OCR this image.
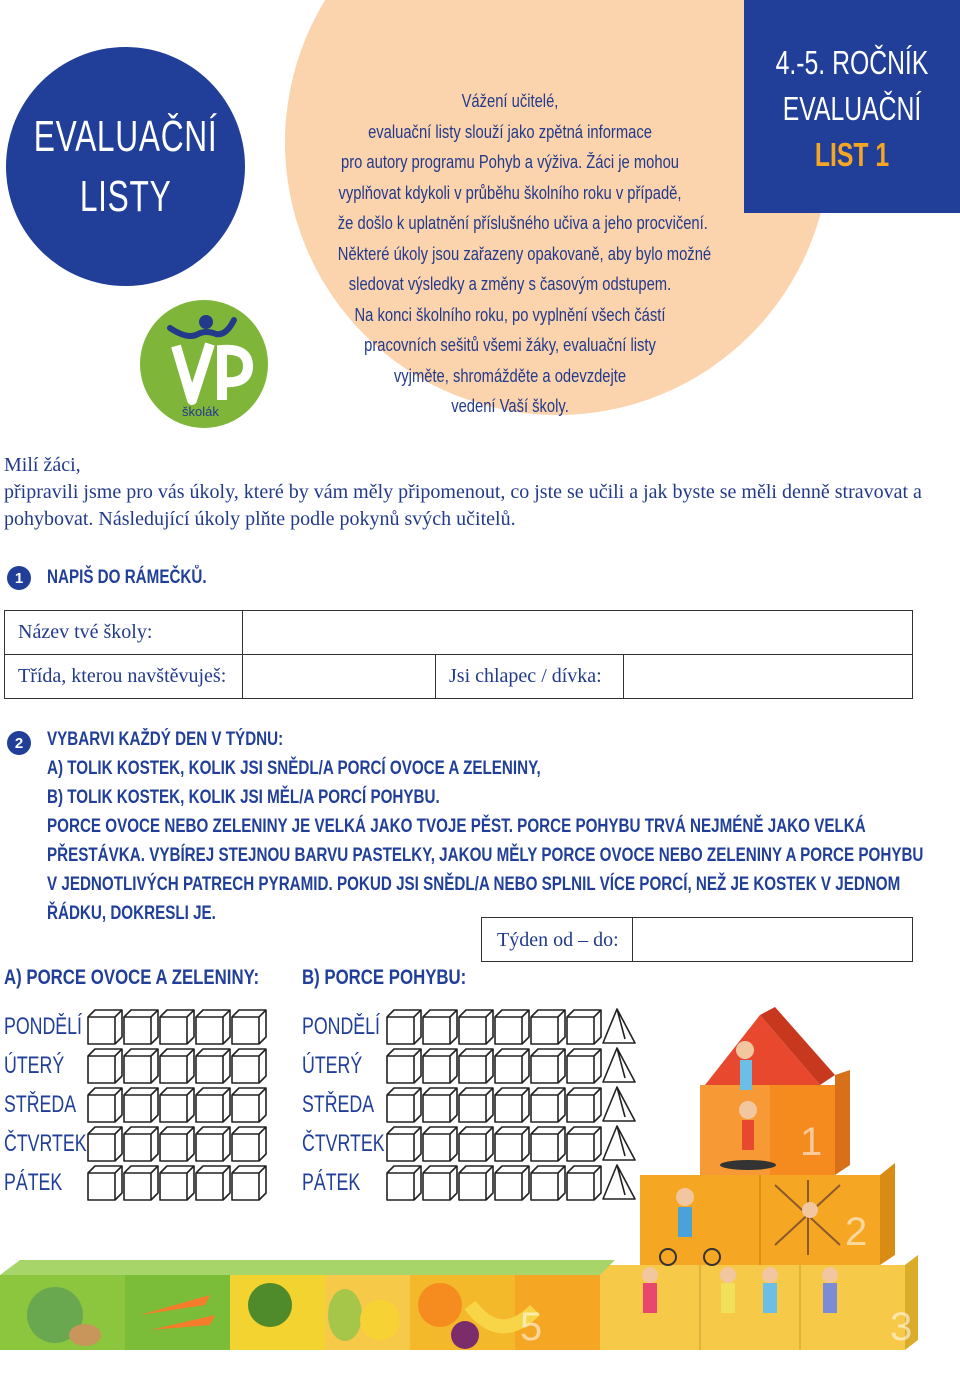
EVALUAČNÍ
LISTY
Vážení učitelé,
evaluační listy slouží jako zpětná informace
pro autory programu Pohyb a výživa. Žáci je mohou
vyplňovat kdykoli v průběhu školního roku v případě,
že došlo k uplatnění příslušného učiva a jeho procvičení.
Některé úkoly jsou zařazeny opakovaně, aby bylo možné
sledovat výsledky a změny s časovým odstupem.
Na konci školního roku, po vyplnění všech částí
pracovních sešitů všemi žáky, evaluační listy
vyjměte, shromážděte a odevzdejte
vedení Vaší školy.
školák
4.-5. ROČNÍK
EVALUAČNÍ
LIST 1

Milí žáci,

připravili jsme pro vás úkoly, které by vám měly připomenout, co jste se učili a jak byste se měli denně stravovat a pohybovat. Následující úkoly plňte podle pokynů svých učitelů.

1	NAPIŠ DO RÁMEČKŮ.
Název tvé školy:
Třída, kterou navštěvuješ:	Jsi chlapec / dívka:
2	VYBARVI KAŽDÝ DEN V TÝDNU:
A) TOLIK KOSTEK, KOLIK JSI SNĚDL/A PORCÍ OVOCE A ZELENINY,
B) TOLIK KOSTEK, KOLIK JSI MĚL/A PORCÍ POHYBU.
PORCE OVOCE NEBO ZELENINY JE VELKÁ JAKO TVOJE PĚST. PORCE POHYBU TRVÁ NEJMÉNĚ JAKO VELKÁ
PŘESTÁVKA. VYBÍREJ STEJNOU BARVU PASTELKY, JAKOU MĚLY PORCE OVOCE NEBO ZELENINY A PORCE POHYBU
V JEDNOTLIVÝCH PATRECH PYRAMID. POKUD JSI SNĚDL/A NEBO SPLNIL VÍCE PORCÍ, NEŽ JE KOSTEK V JEDNOM
ŘÁDKU, DOKRESLI JE.
Týden od – do:
A) PORCE OVOCE A ZELENINY: B) PORCE POHYBU:
PONDĚLÍ
ÚTERÝ
STŘEDA
ČTVRTEK
PÁTEK
PONDĚLÍ
ÚTERÝ
STŘEDA
ČTVRTEK
PÁTEK
1
2
3
5
